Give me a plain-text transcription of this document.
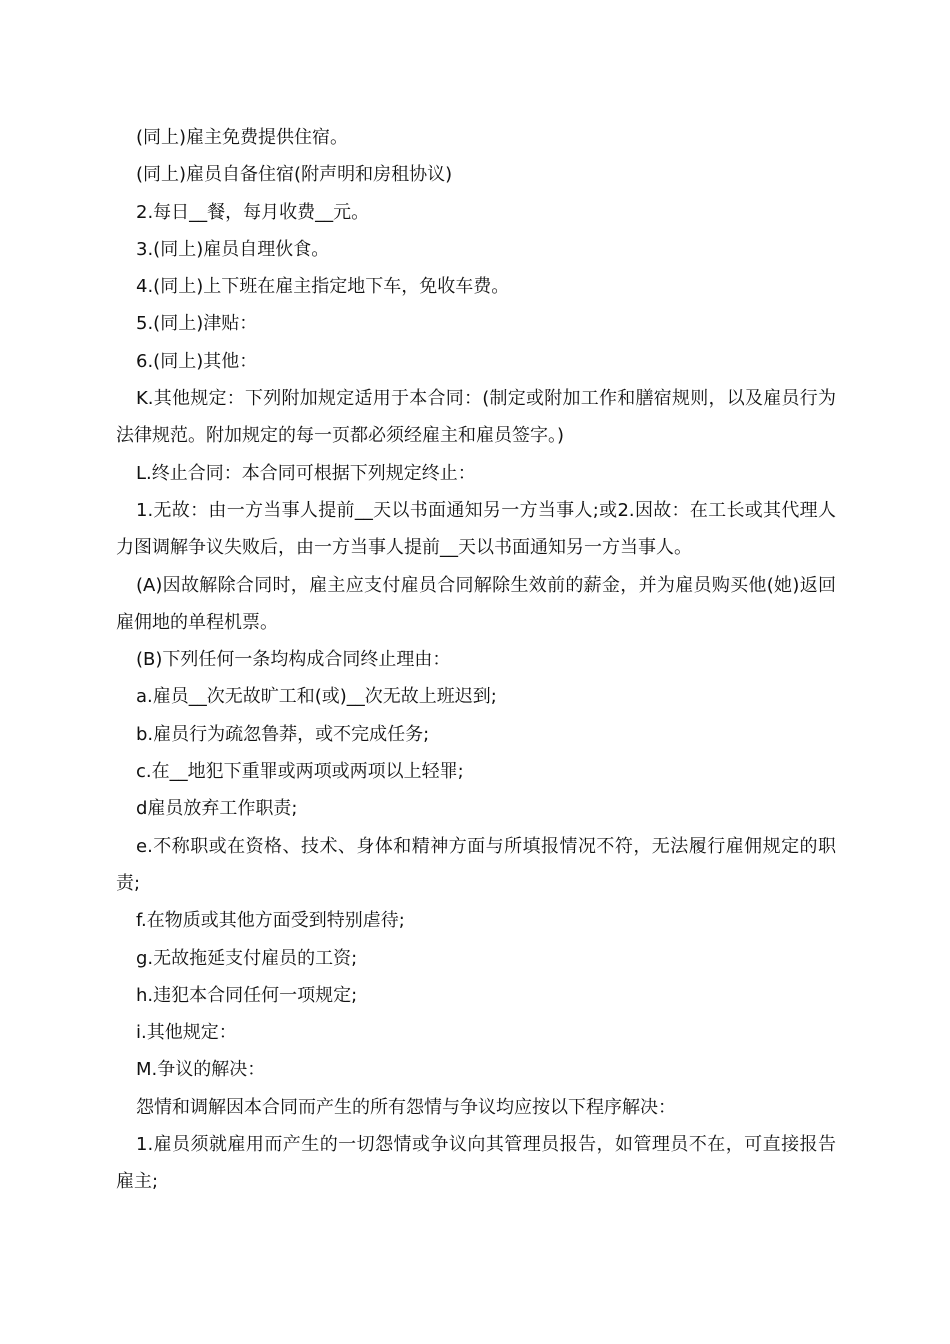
(同上)雇主免费提供住宿。

(同上)雇员自备住宿(附声明和房租协议)

2.每日__餐，每月收费__元。

3.(同上)雇员自理伙食。

4.(同上)上下班在雇主指定地下车，免收车费。

5.(同上)津贴：

6.(同上)其他：

K.其他规定：下列附加规定适用于本合同：(制定或附加工作和膳宿规则，以及雇员行为法律规范。附加规定的每一页都必须经雇主和雇员签字。)

L.终止合同：本合同可根据下列规定终止：

1.无故：由一方当事人提前__天以书面通知另一方当事人;或2.因故：在工长或其代理人力图调解争议失败后，由一方当事人提前__天以书面通知另一方当事人。

(A)因故解除合同时，雇主应支付雇员合同解除生效前的薪金，并为雇员购买他(她)返回雇佣地的单程机票。

(B)下列任何一条均构成合同终止理由：

a.雇员__次无故旷工和(或)__次无故上班迟到;

b.雇员行为疏忽鲁莽，或不完成任务;

c.在__地犯下重罪或两项或两项以上轻罪;

d雇员放弃工作职责;

e.不称职或在资格、技术、身体和精神方面与所填报情况不符，无法履行雇佣规定的职责;

f.在物质或其他方面受到特别虐待;

g.无故拖延支付雇员的工资;

h.违犯本合同任何一项规定;

i.其他规定：

M.争议的解决：

怨情和调解因本合同而产生的所有怨情与争议均应按以下程序解决：

1.雇员须就雇用而产生的一切怨情或争议向其管理员报告，如管理员不在，可直接报告雇主;
